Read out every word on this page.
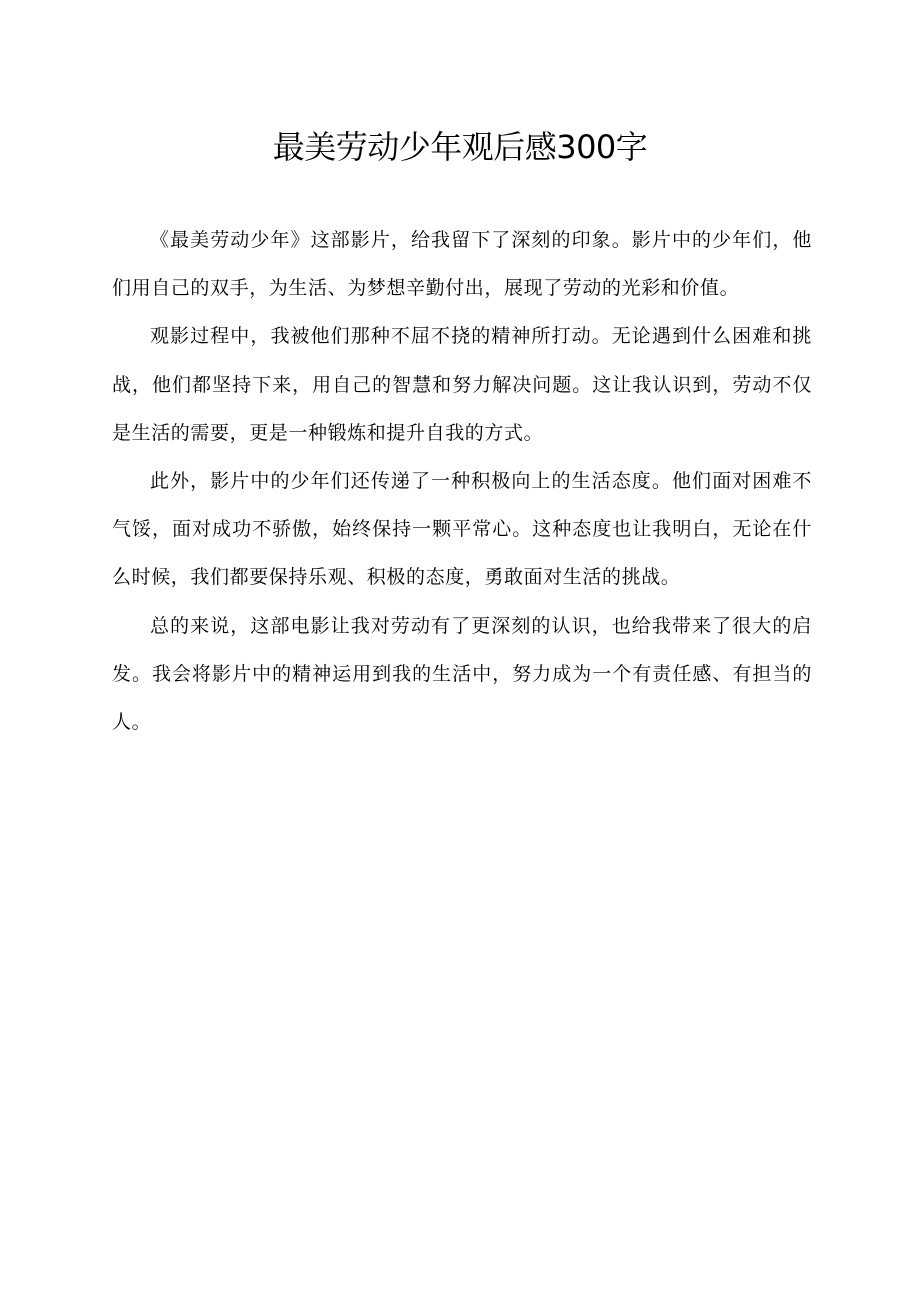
最美劳动少年观后感300字

《最美劳动少年》这部影片，给我留下了深刻的印象。影片中的少年们，他们用自己的双手，为生活、为梦想辛勤付出，展现了劳动的光彩和价值。

观影过程中，我被他们那种不屈不挠的精神所打动。无论遇到什么困难和挑战，他们都坚持下来，用自己的智慧和努力解决问题。这让我认识到，劳动不仅是生活的需要，更是一种锻炼和提升自我的方式。

此外，影片中的少年们还传递了一种积极向上的生活态度。他们面对困难不气馁，面对成功不骄傲，始终保持一颗平常心。这种态度也让我明白，无论在什么时候，我们都要保持乐观、积极的态度，勇敢面对生活的挑战。

总的来说，这部电影让我对劳动有了更深刻的认识，也给我带来了很大的启发。我会将影片中的精神运用到我的生活中，努力成为一个有责任感、有担当的人。
